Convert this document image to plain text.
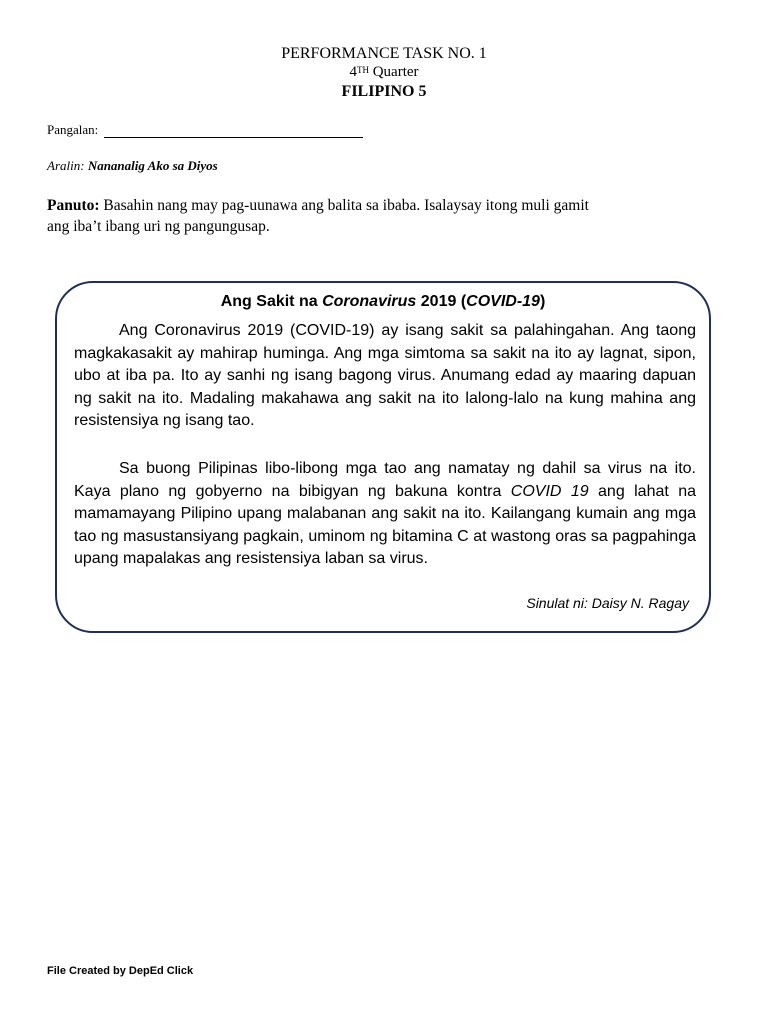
PERFORMANCE TASK NO. 1
4TH Quarter
FILIPINO 5
Pangalan:
Aralin: Nananalig Ako sa Diyos
Panuto: Basahin nang may pag-uunawa ang balita sa ibaba. Isalaysay itong muli gamit ang iba’t ibang uri ng pangungusap.
Ang Sakit na Coronavirus 2019 (COVID-19)

Ang Coronavirus 2019 (COVID-19) ay isang sakit sa palahingahan. Ang taong magkakasakit ay mahirap huminga. Ang mga simtoma sa sakit na ito ay lagnat, sipon, ubo at iba pa. Ito ay sanhi ng isang bagong virus. Anumang edad ay maaring dapuan ng sakit na ito. Madaling makahawa ang sakit na ito lalong-lalo na kung mahina ang resistensiya ng isang tao.

Sa buong Pilipinas libo-libong mga tao ang namatay ng dahil sa virus na ito. Kaya plano ng gobyerno na bibigyan ng bakuna kontra COVID 19 ang lahat na mamamayang Pilipino upang malabanan ang sakit na ito. Kailangang kumain ang mga tao ng masustansiyang pagkain, uminom ng bitamina C at wastong oras sa pagpahinga upang mapalakas ang resistensiya laban sa virus.

Sinulat ni: Daisy N. Ragay
File Created by DepEd Click
